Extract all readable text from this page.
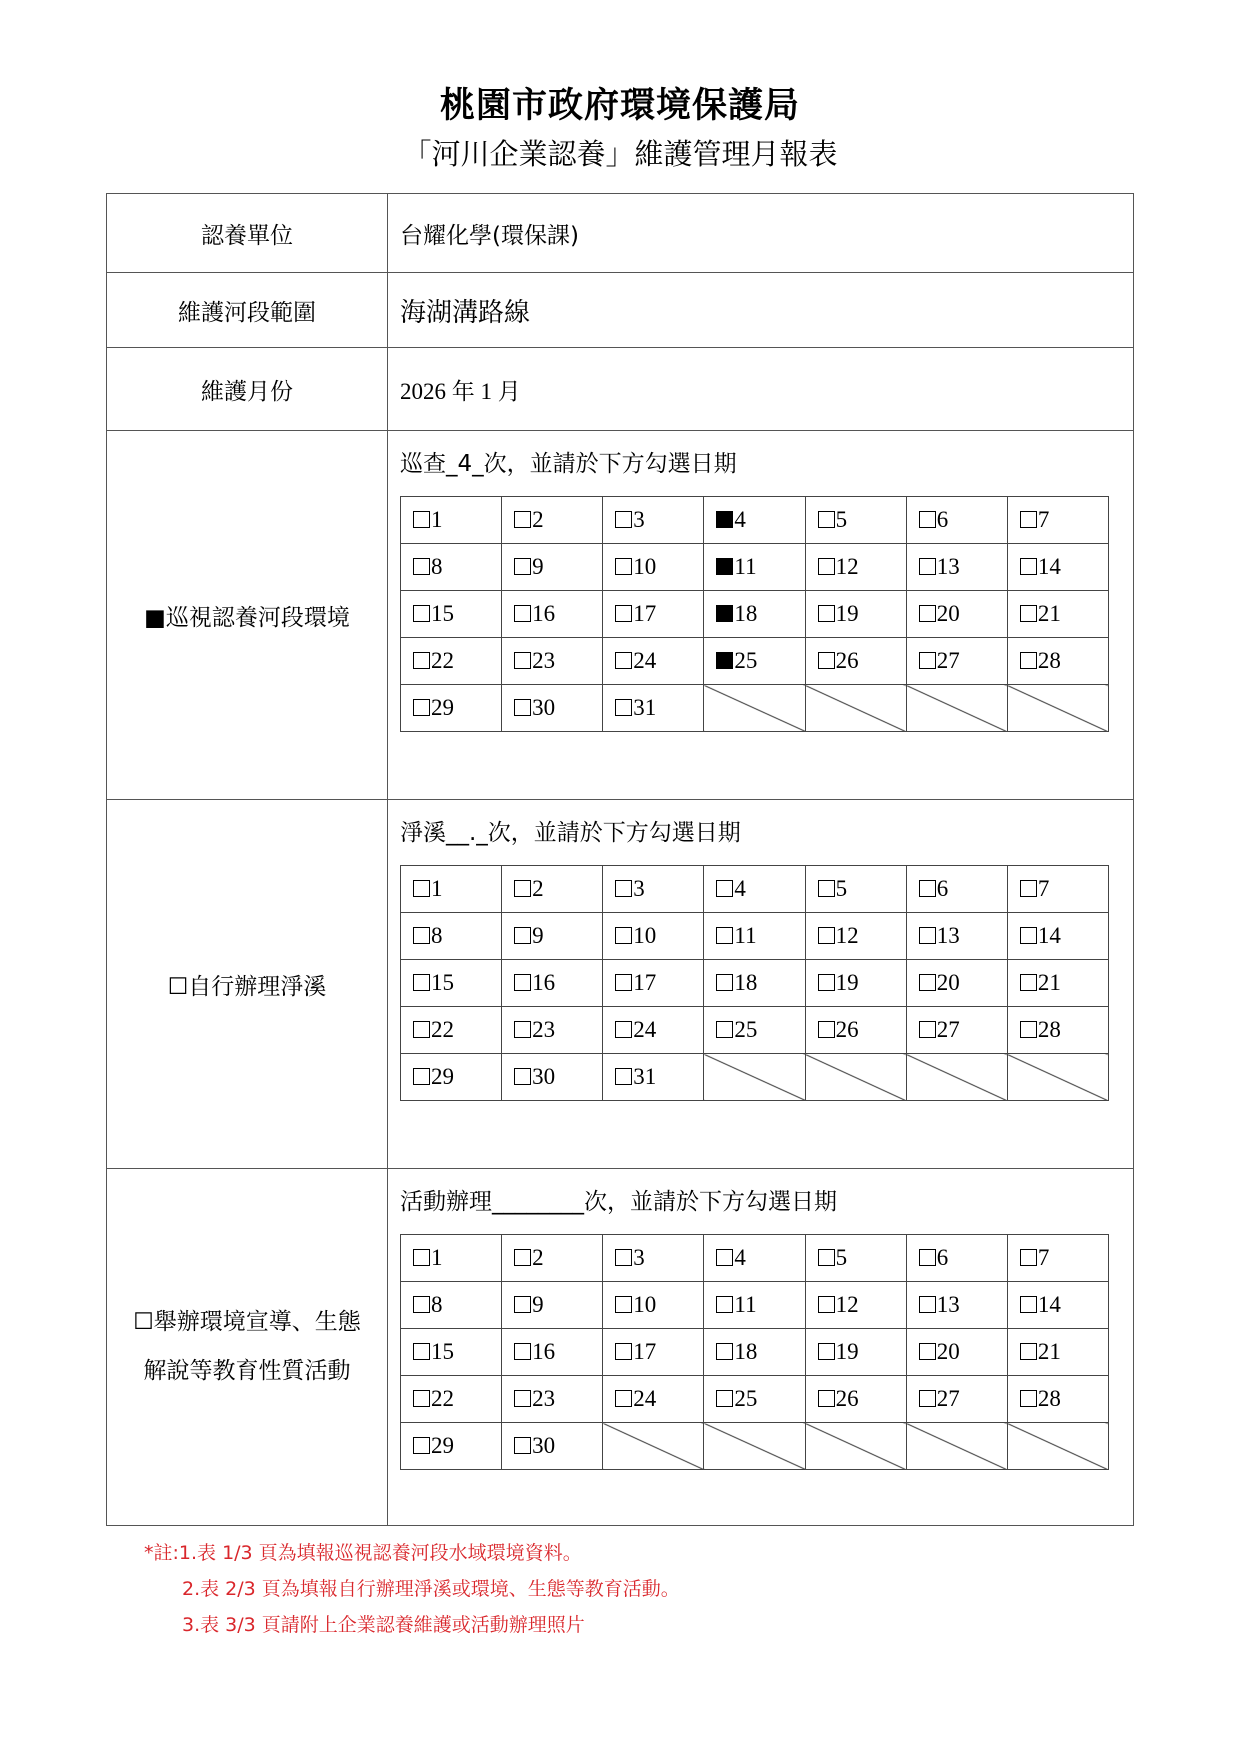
桃園市政府環境保護局
「河川企業認養」維護管理月報表
認養單位	台耀化學(環保課)
維護河段範圍	海湖溝路線
維護月份	2026 年 1 月
■巡視認養河段環境	
巡查_4_次，並請於下方勾選日期
1	2	3	4	5	6	7
8	9	10	11	12	13	14
15	16	17	18	19	20	21
22	23	24	25	26	27	28
29	30	31				

☐自行辦理淨溪	
淨溪__._次，並請於下方勾選日期
1	2	3	4	5	6	7
8	9	10	11	12	13	14
15	16	17	18	19	20	21
22	23	24	25	26	27	28
29	30	31				

☐舉辦環境宣導、生態
解說等教育性質活動

活動辦理________次，並請於下方勾選日期
1	2	3	4	5	6	7
8	9	10	11	12	13	14
15	16	17	18	19	20	21
22	23	24	25	26	27	28
29	30					
*註:1.表 1/3 頁為填報巡視認養河段水域環境資料。
2.表 2/3 頁為填報自行辦理淨溪或環境、生態等教育活動。
3.表 3/3 頁請附上企業認養維護或活動辦理照片
